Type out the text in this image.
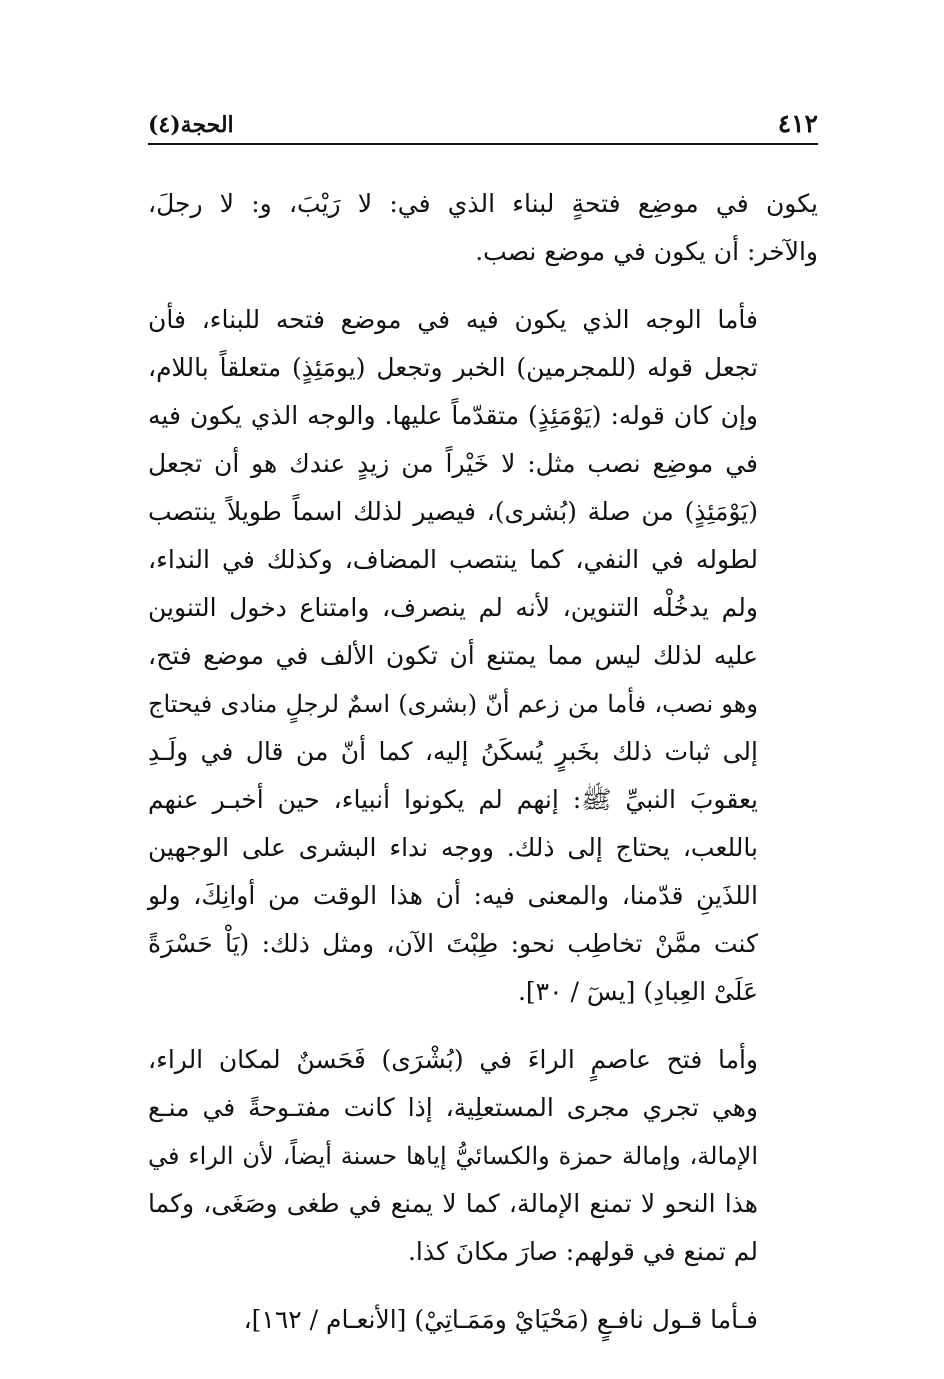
٤١٢
الحجة(٤)

يكون في موضِع فتحةٍ لبناء الذي في: لا رَيْبَ، و: لا رجلَ،
والآخر: أن يكون في موضع نصب.

فأما الوجه الذي يكون فيه في موضع فتحه للبناء، فأن
تجعل قوله (للمجرمين) الخبر وتجعل (يومَئِذٍ) متعلقاً باللام،
وإن كان قوله: (يَوْمَئِذٍ) متقدّماً عليها. والوجه الذي يكون فيه
في موضِع نصب مثل: لا خَيْراً من زيدٍ عندك هو أن تجعل
(يَوْمَئِذٍ) من صلة (بُشرى)، فيصير لذلك اسماً طويلاً ينتصب
لطوله في النفي، كما ينتصب المضاف، وكذلك في النداء،
ولم يدخُلْه التنوين، لأنه لم ينصرف، وامتناع دخول التنوين
عليه لذلك ليس مما يمتنع أن تكون الألف في موضع فتح،
وهو نصب، فأما من زعم أنّ (بشرى) اسمٌ لرجلٍ منادى فيحتاج
إلى ثبات ذلك بخَبرٍ يُسكَنُ إليه، كما أنّ من قال في ولَـدِ
يعقوبَ النبيِّ ﷺ: إنهم لم يكونوا أنبياء، حين أخبـر عنهم
باللعب، يحتاج إلى ذلك. ووجه نداء البشرى على الوجهين
اللذَينِ قدّمنا، والمعنى فيه: أن هذا الوقت من أوانِكَ، ولو
كنت ممَّنْ تخاطِب نحو: طِبْتَ الآن، ومثل ذلك: (يَاْ حَسْرَةً
عَلَىْ العِبادِ) [يسٓ / ٣٠].

وأما فتح عاصمٍ الراءَ في (بُشْرَى) فَحَسنٌ لمكان الراء،
وهي تجري مجرى المستعلِية، إذا كانت مفتـوحةً في منـع
الإمالة، وإمالة حمزة والكسائيُّ إياها حسنة أيضاً، لأن الراء في
هذا النحو لا تمنع الإمالة، كما لا يمنع في طغى وصَغَى، وكما
لم تمنع في قولهم: صارَ مكانَ كذا.

فـأما قـول نافـعٍ (مَحْيَايْ ومَمَـاتِيْ) [الأنعـام / ١٦٢]،
